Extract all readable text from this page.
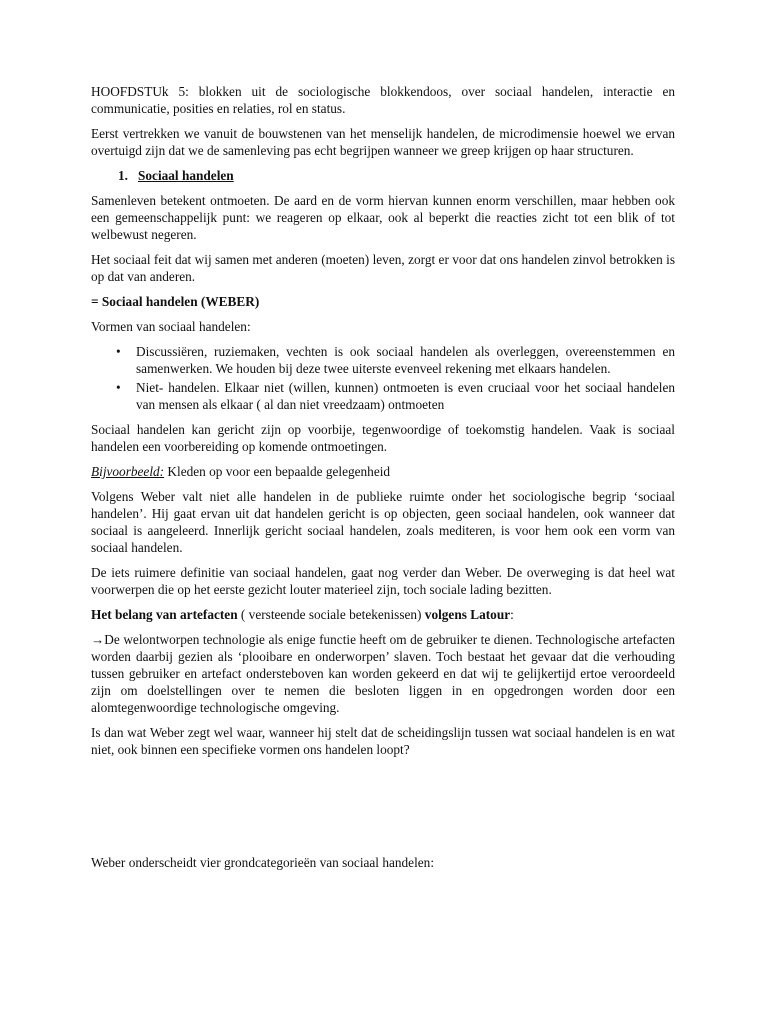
HOOFDSTUk 5: blokken uit de sociologische blokkendoos, over sociaal handelen, interactie en communicatie, posities en relaties, rol en status.

Eerst vertrekken we vanuit de bouwstenen van het menselijk handelen, de microdimensie hoewel we ervan overtuigd zijn dat we de samenleving pas echt begrijpen wanneer we greep krijgen op haar structuren.

1. Sociaal handelen

Samenleven betekent ontmoeten. De aard en de vorm hiervan kunnen enorm verschillen, maar hebben ook een gemeenschappelijk punt: we reageren op elkaar, ook al beperkt die reacties zicht tot een blik of tot welbewust negeren.

Het sociaal feit dat wij samen met anderen (moeten) leven, zorgt er voor dat ons handelen zinvol betrokken is op dat van anderen.

= Sociaal handelen (WEBER)

Vormen van sociaal handelen:

• Discussiëren, ruziemaken, vechten is ook sociaal handelen als overleggen, overeenstemmen en samenwerken. We houden bij deze twee uiterste evenveel rekening met elkaars handelen.
• Niet- handelen. Elkaar niet (willen, kunnen) ontmoeten is even cruciaal voor het sociaal handelen van mensen als elkaar ( al dan niet vreedzaam) ontmoeten

Sociaal handelen kan gericht zijn op voorbije, tegenwoordige of toekomstig handelen. Vaak is sociaal handelen een voorbereiding op komende ontmoetingen.

Bijvoorbeeld: Kleden op voor een bepaalde gelegenheid

Volgens Weber valt niet alle handelen in de publieke ruimte onder het sociologische begrip ‘sociaal handelen’. Hij gaat ervan uit dat handelen gericht is op objecten, geen sociaal handelen, ook wanneer dat sociaal is aangeleerd. Innerlijk gericht sociaal handelen, zoals mediteren, is voor hem ook een vorm van sociaal handelen.

De iets ruimere definitie van sociaal handelen, gaat nog verder dan Weber. De overweging is dat heel wat voorwerpen die op het eerste gezicht louter materieel zijn, toch sociale lading bezitten.

Het belang van artefacten ( versteende sociale betekenissen) volgens Latour:

→De welontworpen technologie als enige functie heeft om de gebruiker te dienen. Technologische artefacten worden daarbij gezien als ‘plooibare en onderworpen’ slaven. Toch bestaat het gevaar dat die verhouding tussen gebruiker en artefact ondersteboven kan worden gekeerd en dat wij te gelijkertijd ertoe veroordeeld zijn om doelstellingen over te nemen die besloten liggen in en opgedrongen worden door een alomtegenwoordige technologische omgeving.

Is dan wat Weber zegt wel waar, wanneer hij stelt dat de scheidingslijn tussen wat sociaal handelen is en wat niet, ook binnen een specifieke vormen ons handelen loopt?

Weber onderscheidt vier grondcategorieën van sociaal handelen:
